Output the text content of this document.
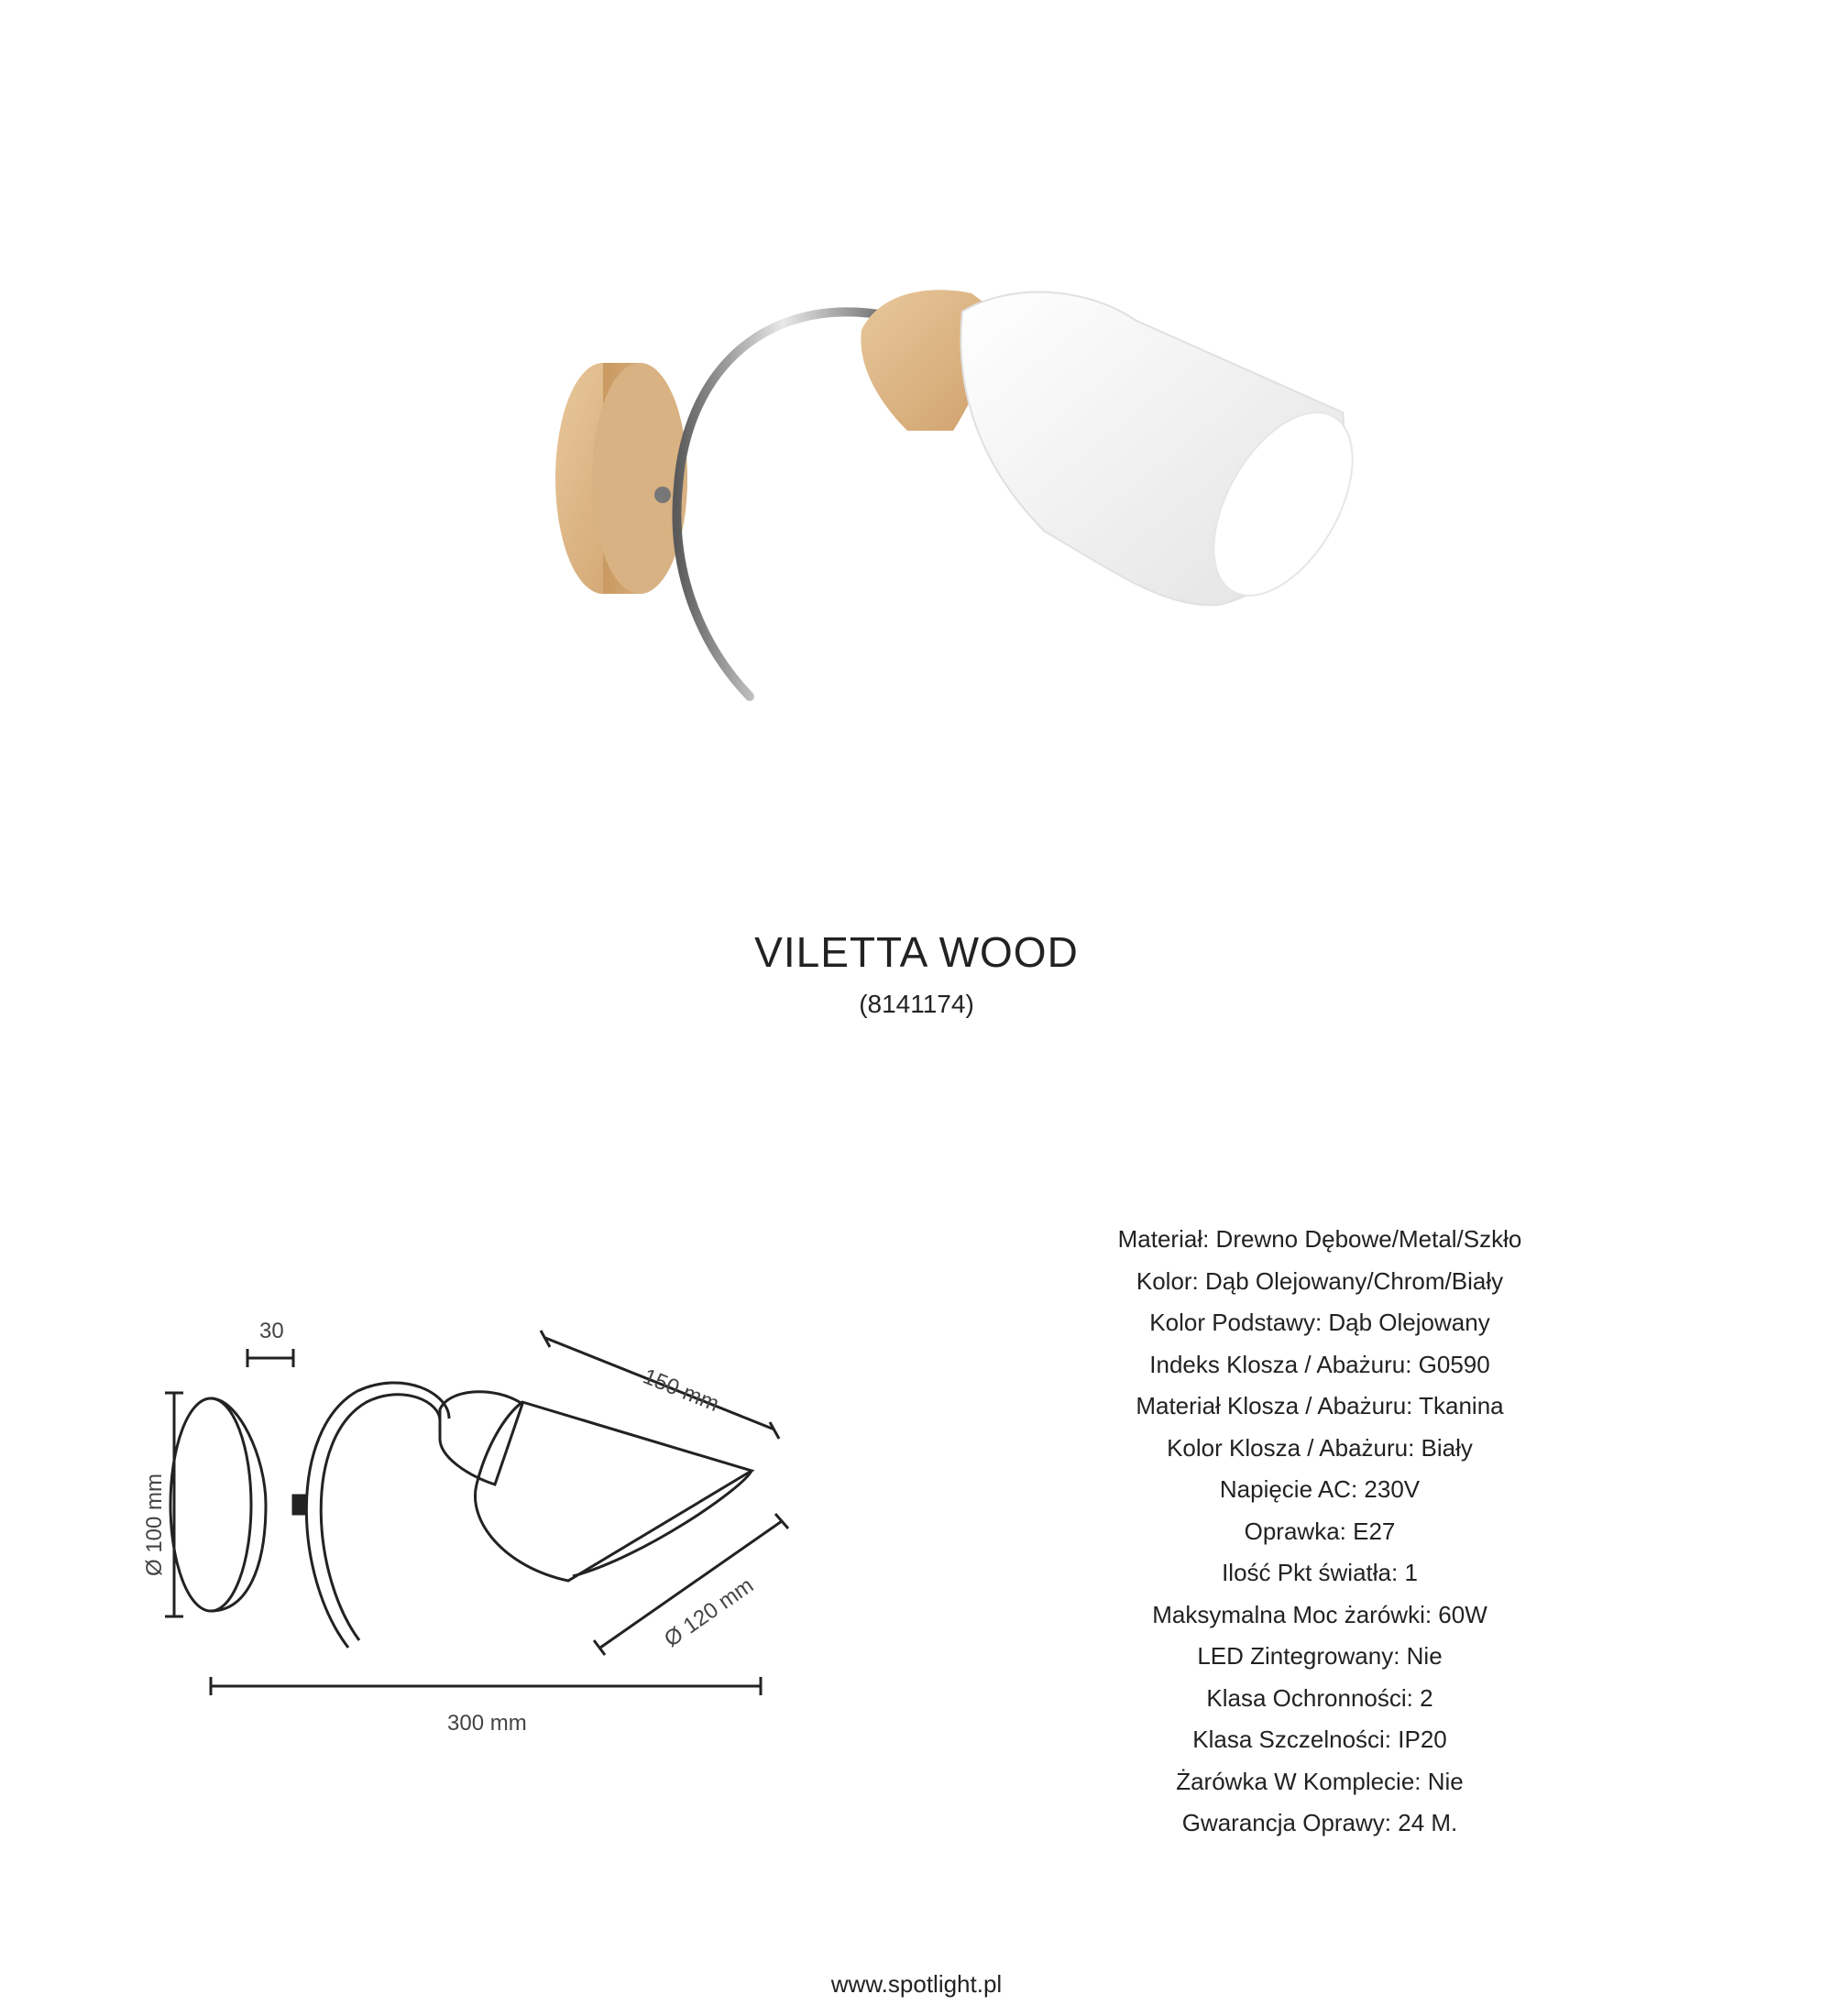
VILETTA WOOD
(8141174)
30
Ø 100 mm
300 mm
150 mm
Ø 120 mm
Materiał: Drewno Dębowe/Metal/Szkło
Kolor: Dąb Olejowany/Chrom/Biały
Kolor Podstawy: Dąb Olejowany
Indeks Klosza / Abażuru: G0590
Materiał Klosza / Abażuru: Tkanina
Kolor Klosza / Abażuru: Biały
Napięcie AC: 230V
Oprawka: E27
Ilość Pkt światła: 1
Maksymalna Moc żarówki: 60W
LED Zintegrowany: Nie
Klasa Ochronności: 2
Klasa Szczelności: IP20
Żarówka W Komplecie: Nie
Gwarancja Oprawy: 24 M.
www.spotlight.pl
